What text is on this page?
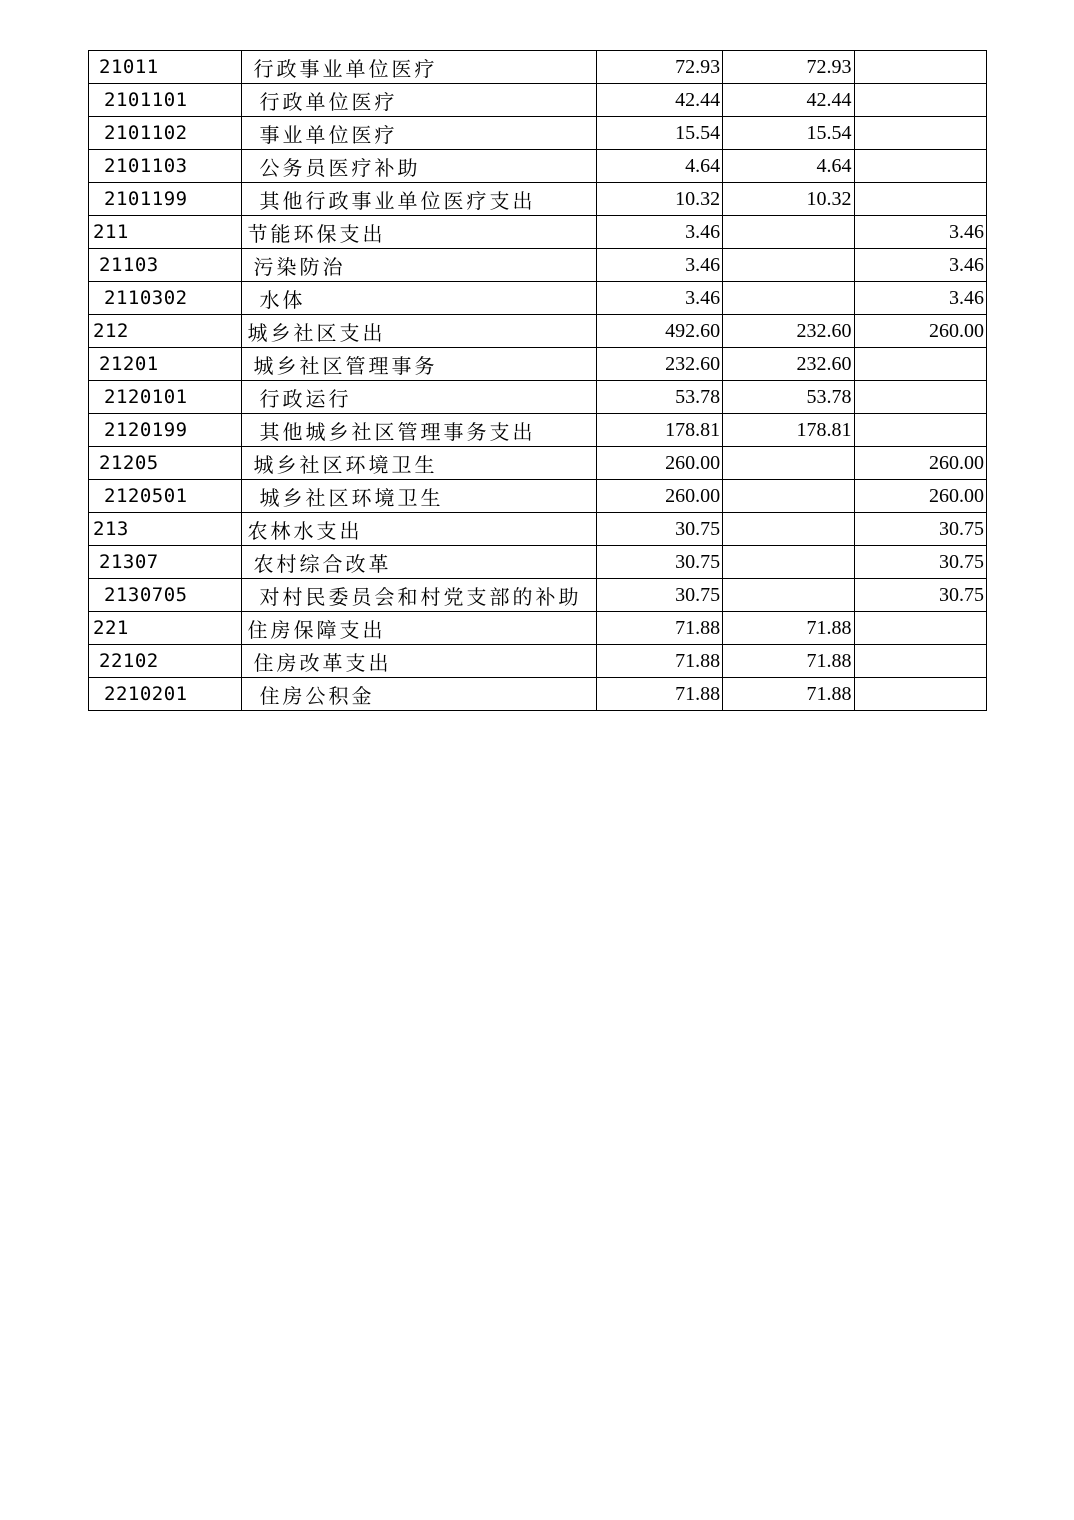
21011	行政事业单位医疗	72.93	72.93	
2101101	行政单位医疗	42.44	42.44	
2101102	事业单位医疗	15.54	15.54	
2101103	公务员医疗补助	4.64	4.64	
2101199	其他行政事业单位医疗支出	10.32	10.32	
211	节能环保支出	3.46		3.46
21103	污染防治	3.46		3.46
2110302	水体	3.46		3.46
212	城乡社区支出	492.60	232.60	260.00
21201	城乡社区管理事务	232.60	232.60	
2120101	行政运行	53.78	53.78	
2120199	其他城乡社区管理事务支出	178.81	178.81	
21205	城乡社区环境卫生	260.00		260.00
2120501	城乡社区环境卫生	260.00		260.00
213	农林水支出	30.75		30.75
21307	农村综合改革	30.75		30.75
2130705	对村民委员会和村党支部的补助	30.75		30.75
221	住房保障支出	71.88	71.88	
22102	住房改革支出	71.88	71.88	
2210201	住房公积金	71.88	71.88	
